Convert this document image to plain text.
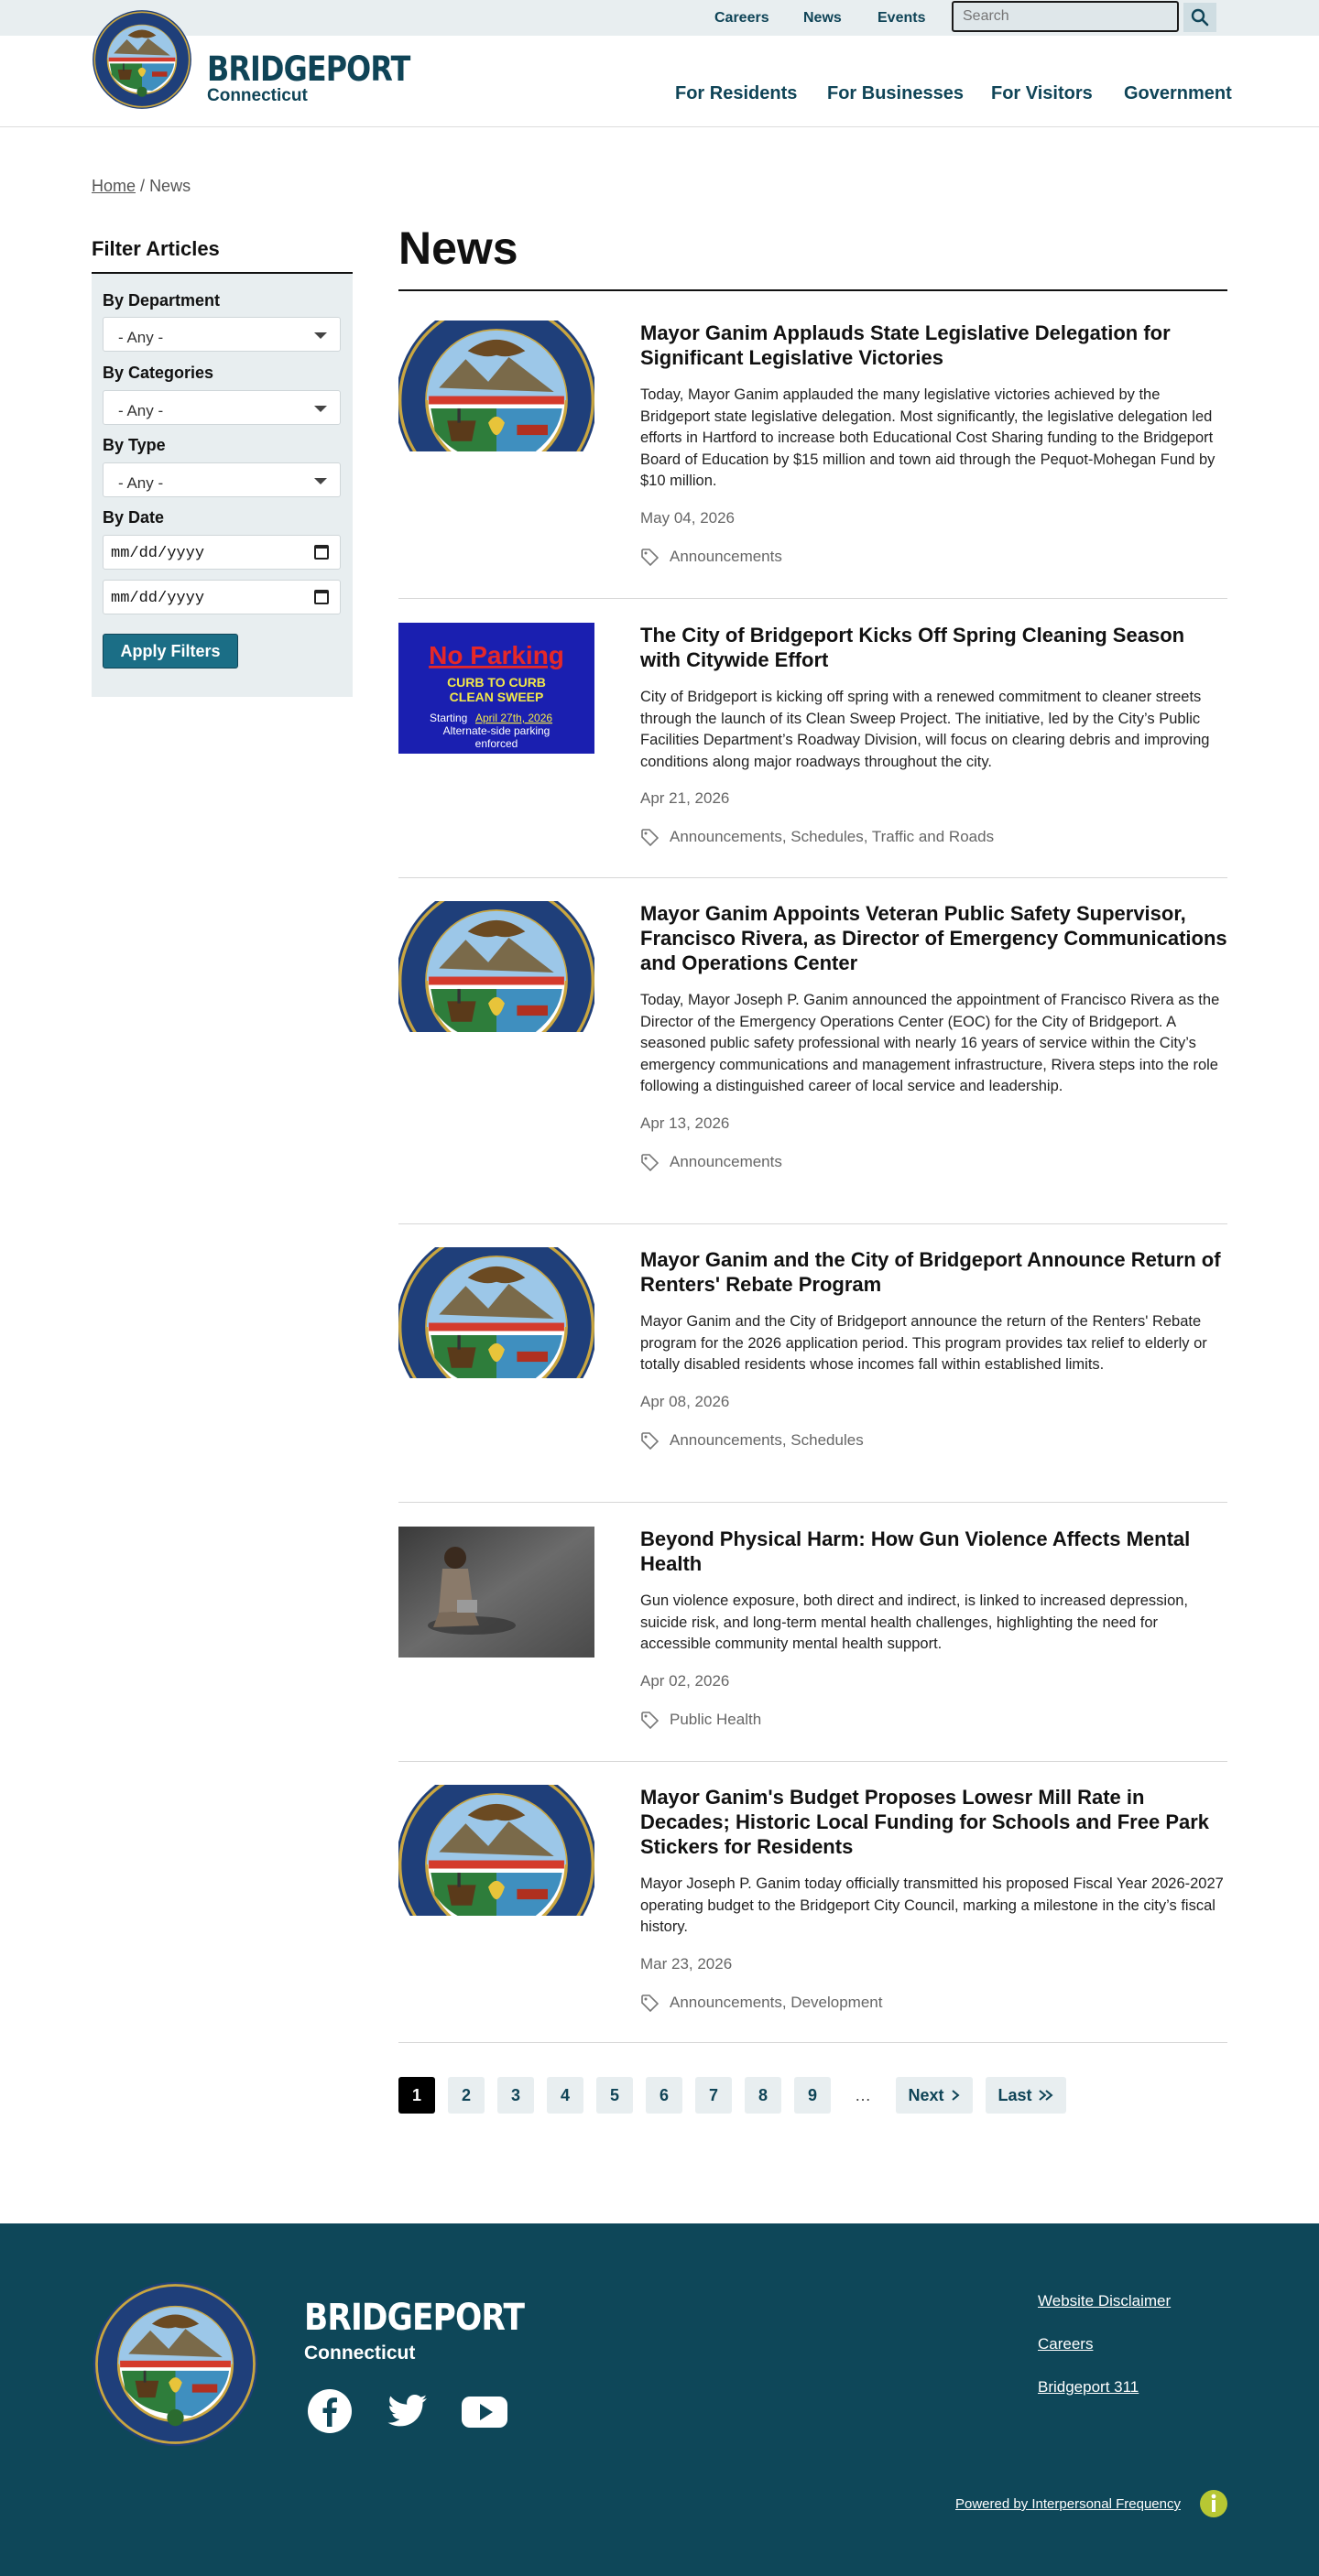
Careers News Events
Search
BRIDGEPORT
Connecticut	For Residents For Businesses For Visitors Government
Home / News
Filter Articles
By Department
- Any -
By Categories
- Any -
By Type
- Any -
By Date
mm/dd/yyyy
mm/dd/yyyy
Apply Filters
News
Mayor Ganim Applauds State Legislative Delegation for Significant Legislative Victories

Today, Mayor Ganim applauded the many legislative victories achieved by the Bridgeport state legislative delegation. Most significantly, the legislative delegation led efforts in Hartford to increase both Educational Cost Sharing funding to the Bridgeport Board of Education by $15 million and town aid through the Pequot-Mohegan Fund by $10 million.

May 04, 2026
Announcements
No Parking
CURB TO CURB
CLEAN SWEEP
Starting April 27th, 2026
Alternate-side parking
enforced
The City of Bridgeport Kicks Off Spring Cleaning Season with Citywide Effort

City of Bridgeport is kicking off spring with a renewed commitment to cleaner streets through the launch of its Clean Sweep Project. The initiative, led by the City’s Public Facilities Department’s Roadway Division, will focus on clearing debris and improving conditions along major roadways throughout the city.

Apr 21, 2026
Announcements, Schedules, Traffic and Roads
Mayor Ganim Appoints Veteran Public Safety Supervisor, Francisco Rivera, as Director of Emergency Communications and Operations Center

Today, Mayor Joseph P. Ganim announced the appointment of Francisco Rivera as the Director of the Emergency Operations Center (EOC) for the City of Bridgeport. A seasoned public safety professional with nearly 16 years of service within the City’s emergency communications and management infrastructure, Rivera steps into the role following a distinguished career of local service and leadership.

Apr 13, 2026
Announcements
Mayor Ganim and the City of Bridgeport Announce Return of Renters' Rebate Program

Mayor Ganim and the City of Bridgeport announce the return of the Renters' Rebate program for the 2026 application period. This program provides tax relief to elderly or totally disabled residents whose incomes fall within established limits.

Apr 08, 2026
Announcements, Schedules
Beyond Physical Harm: How Gun Violence Affects Mental Health

Gun violence exposure, both direct and indirect, is linked to increased depression, suicide risk, and long-term mental health challenges, highlighting the need for accessible community mental health support.

Apr 02, 2026
Public Health
Mayor Ganim's Budget Proposes Lowesr Mill Rate in Decades; Historic Local Funding for Schools and Free Park Stickers for Residents

Mayor Joseph P. Ganim today officially transmitted his proposed Fiscal Year 2026-2027 operating budget to the Bridgeport City Council, marking a milestone in the city’s fiscal history.

Mar 23, 2026
Announcements, Development
1	2	3	4	5	6	7	8	9	… Next	Last
BRIDGEPORT
Connecticut
Website Disclaimer
Careers
Bridgeport 311
Powered by Interpersonal Frequency
